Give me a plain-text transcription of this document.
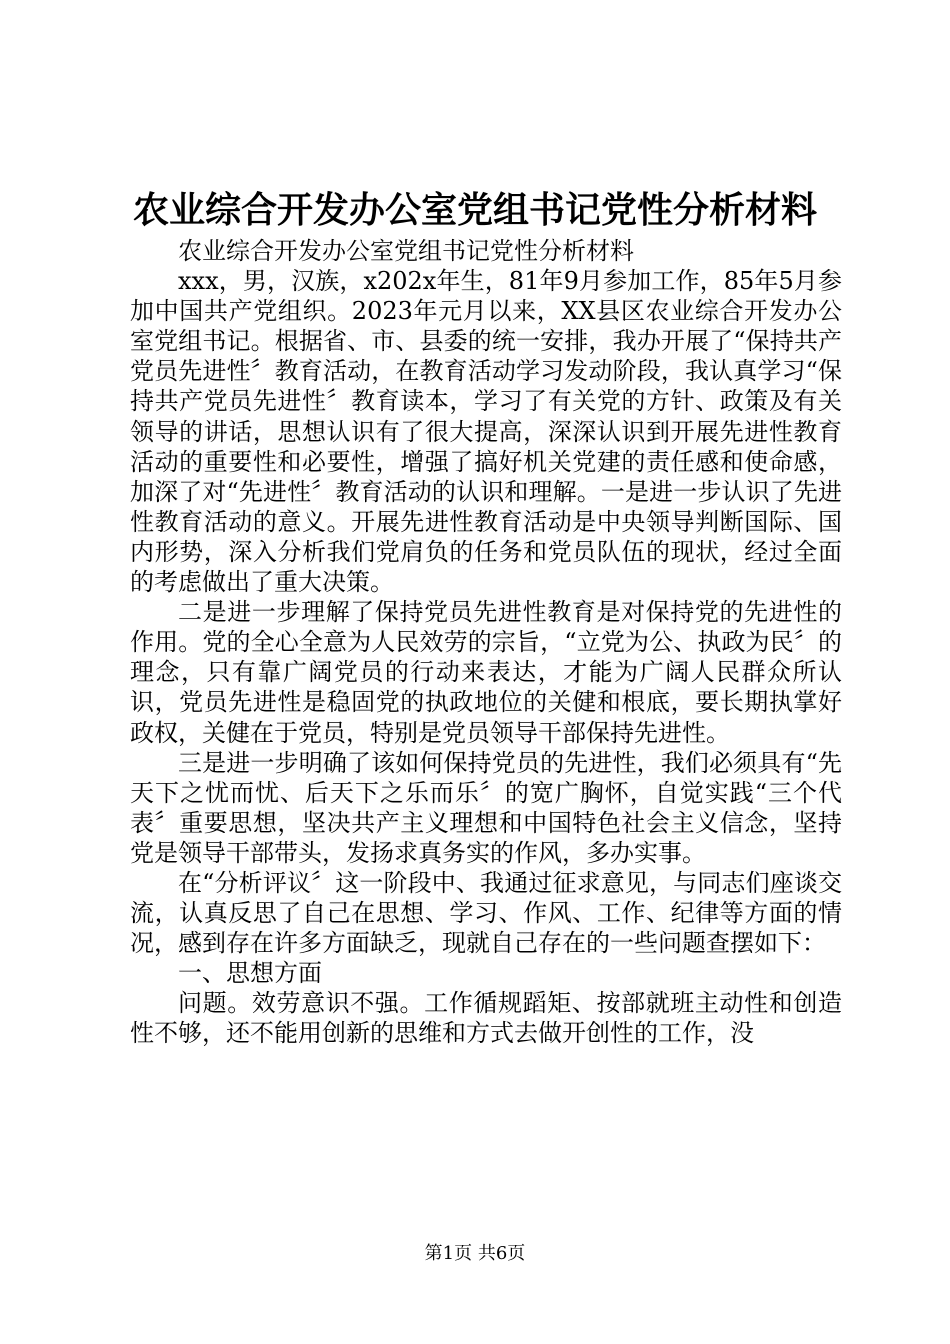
农业综合开发办公室党组书记党性分析材料

农业综合开发办公室党组书记党性分析材料

xxx，男，汉族，x202x年生，81年9月参加工作，85年5月参加中国共产党组织。2023年元月以来，XX县区农业综合开发办公室党组书记。根据省、市、县委的统一安排，我办开展了“保持共产党员先进性〞教育活动，在教育活动学习发动阶段，我认真学习“保持共产党员先进性〞教育读本，学习了有关党的方针、政策及有关领导的讲话，思想认识有了很大提高，深深认识到开展先进性教育活动的重要性和必要性，增强了搞好机关党建的责任感和使命感，加深了对“先进性〞教育活动的认识和理解。一是进一步认识了先进性教育活动的意义。开展先进性教育活动是中央领导判断国际、国内形势，深入分析我们党肩负的任务和党员队伍的现状，经过全面的考虑做出了重大决策。

二是进一步理解了保持党员先进性教育是对保持党的先进性的作用。党的全心全意为人民效劳的宗旨，“立党为公、执政为民〞的理念，只有靠广阔党员的行动来表达，才能为广阔人民群众所认识，党员先进性是稳固党的执政地位的关健和根底，要长期执掌好政权，关健在于党员，特别是党员领导干部保持先进性。

三是进一步明确了该如何保持党员的先进性，我们必须具有“先天下之忧而忧、后天下之乐而乐〞的宽广胸怀，自觉实践“三个代表〞重要思想，坚决共产主义理想和中国特色社会主义信念，坚持党是领导干部带头，发扬求真务实的作风，多办实事。

在“分析评议〞这一阶段中、我通过征求意见，与同志们座谈交流，认真反思了自己在思想、学习、作风、工作、纪律等方面的情况，感到存在许多方面缺乏，现就自己存在的一些问题查摆如下：

一、思想方面

问题。效劳意识不强。工作循规蹈矩、按部就班主动性和创造性不够，还不能用创新的思维和方式去做开创性的工作，没

第1页 共6页
